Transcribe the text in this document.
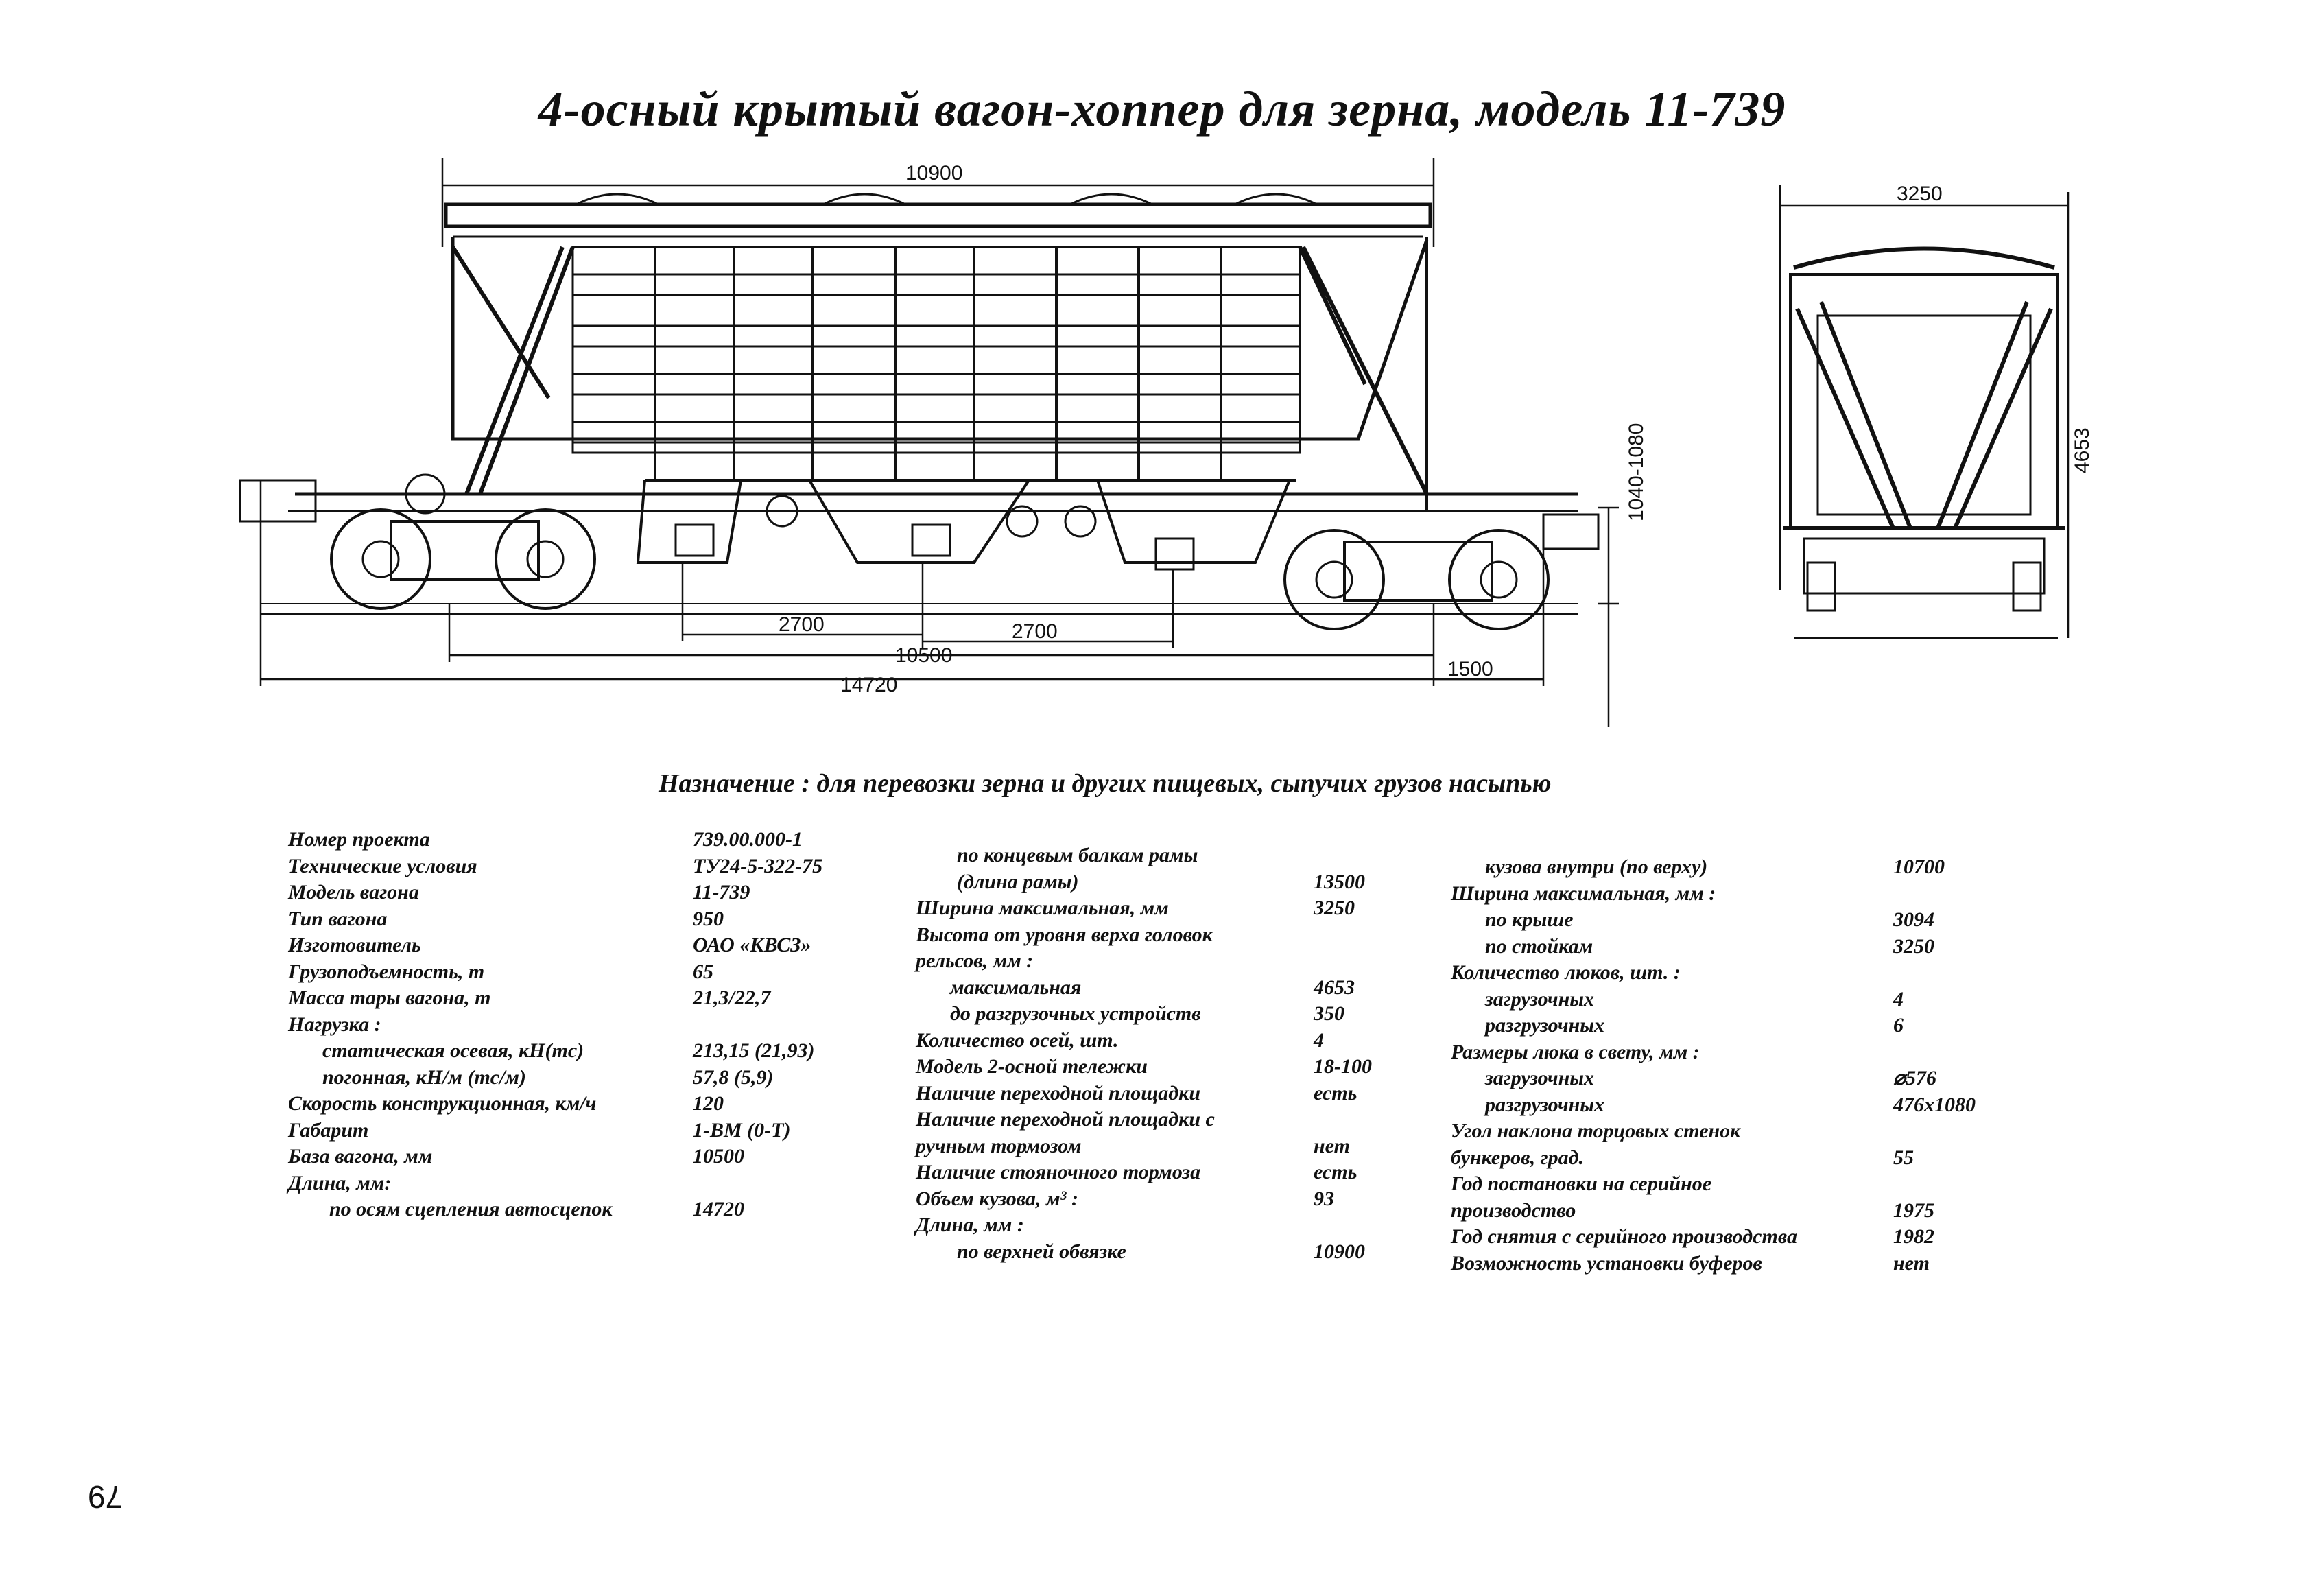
4-осный крытый вагон-хоппер для зерна, модель 11-739
10900
2700	2700
10500
14720
1500
1040-1080
3250
4653
Назначение : для перевозки зерна и других пищевых, сыпучих грузов насыпью
Номер проекта	739.00.000-1
Технические условия	ТУ24-5-322-75
Модель вагона	11-739
Тип вагона	950
Изготовитель	ОАО «КВСЗ»
Грузоподъемность, т	65
Масса тары вагона, т	21,3/22,7
Нагрузка :
статическая осевая, кН(тс)	213,15 (21,93)
погонная, кН/м (тс/м)	57,8 (5,9)
Скорость конструкционная, км/ч	120
Габарит	1-ВМ (0-Т)
База вагона, мм	10500
Длина, мм:
по осям сцепления автосцепок	14720
по концевым балкам рамы
(длина рамы)	13500
Ширина максимальная, мм	3250
Высота от уровня верха головок
рельсов, мм :
максимальная	4653
до разгрузочных устройств	350
Количество осей, шт.	4
Модель 2-осной тележки	18-100
Наличие переходной площадки	есть
Наличие переходной площадки с
ручным тормозом	нет
Наличие стояночного тормоза	есть
Объем кузова, м³ :	93
Длина, мм :
по верхней обвязке	10900
кузова внутри (по верху)	10700
Ширина максимальная, мм :
по крыше	3094
по стойкам	3250
Количество люков, шт. :
загрузочных	4
разгрузочных	6
Размеры люка в свету, мм :
загрузочных	⌀576
разгрузочных	476x1080
Угол наклона торцовых стенок
бункеров, град.	55
Год постановки на серийное
производство	1975
Год снятия с серийного производства	1982
Возможность установки буферов	нет
79
